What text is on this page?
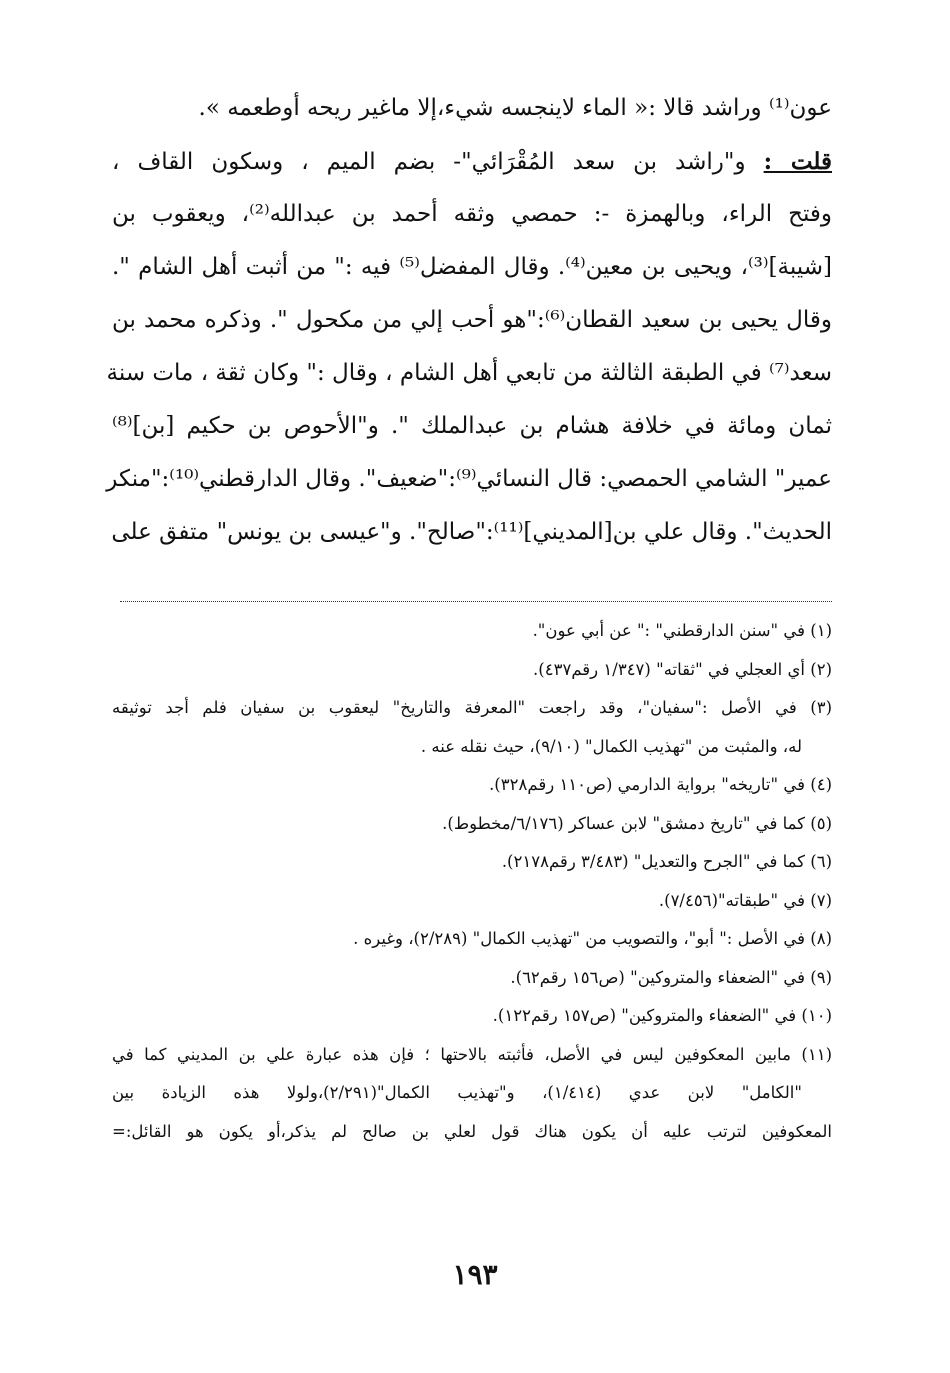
عون⁽¹⁾ وراشد قالا :« الماء لاينجسه شيء،إلا ماغير ريحه أوطعمه ».
قلت : و"راشد بن سعد المُقْرَائي"- بضم الميم ، وسكون القاف ،
وفتح الراء، وبالهمزة -: حمصي وثقه أحمد بن عبدالله⁽²⁾، ويعقوب بن
[شيبة]⁽³⁾، ويحيى بن معين⁽⁴⁾. وقال المفضل⁽⁵⁾ فيه :" من أثبت أهل الشام ".
وقال يحيى بن سعيد القطان⁽⁶⁾:"هو أحب إلي من مكحول ". وذكره محمد بن
سعد⁽⁷⁾ في الطبقة الثالثة من تابعي أهل الشام ، وقال :" وكان ثقة ، مات سنة
ثمان ومائة في خلافة هشام بن عبدالملك ". و"الأحوص بن حكيم [بن]⁽⁸⁾
عمير" الشامي الحمصي: قال النسائي⁽⁹⁾:"ضعيف". وقال الدارقطني⁽¹⁰⁾:"منكر
الحديث". وقال علي بن[المديني]⁽¹¹⁾:"صالح". و"عيسى بن يونس" متفق على
(١) في "سنن الدارقطني" :" عن أبي عون".
(٢) أي العجلي في "ثقاته" (١/٣٤٧ رقم٤٣٧).
(٣) في الأصل :"سفيان"، وقد راجعت "المعرفة والتاريخ" ليعقوب بن سفيان فلم أجد توثيقه
له، والمثبت من "تهذيب الكمال" (٩/١٠)، حيث نقله عنه .
(٤) في "تاريخه" برواية الدارمي (ص١١٠ رقم٣٢٨).
(٥) كما في "تاريخ دمشق" لابن عساكر (٦/١٧٦/مخطوط).
(٦) كما في "الجرح والتعديل" (٣/٤٨٣ رقم٢١٧٨).
(٧) في "طبقاته"(٧/٤٥٦).
(٨) في الأصل :" أبو"، والتصويب من "تهذيب الكمال" (٢/٢٨٩)، وغيره .
(٩) في "الضعفاء والمتروكين" (ص١٥٦ رقم٦٢).
(١٠) في "الضعفاء والمتروكين" (ص١٥٧ رقم١٢٢).
(١١) مابين المعكوفين ليس في الأصل، فأثبته بالاحتها ؛ فإن هذه عبارة علي بن المديني كما في
"الكامل" لابن عدي (١/٤١٤)، و"تهذيب الكمال"(٢/٢٩١)،ولولا هذه الزيادة بين
المعكوفين لترتب عليه أن يكون هناك قول لعلي بن صالح لم يذكر،أو يكون هو القائل:=
١٩٣
